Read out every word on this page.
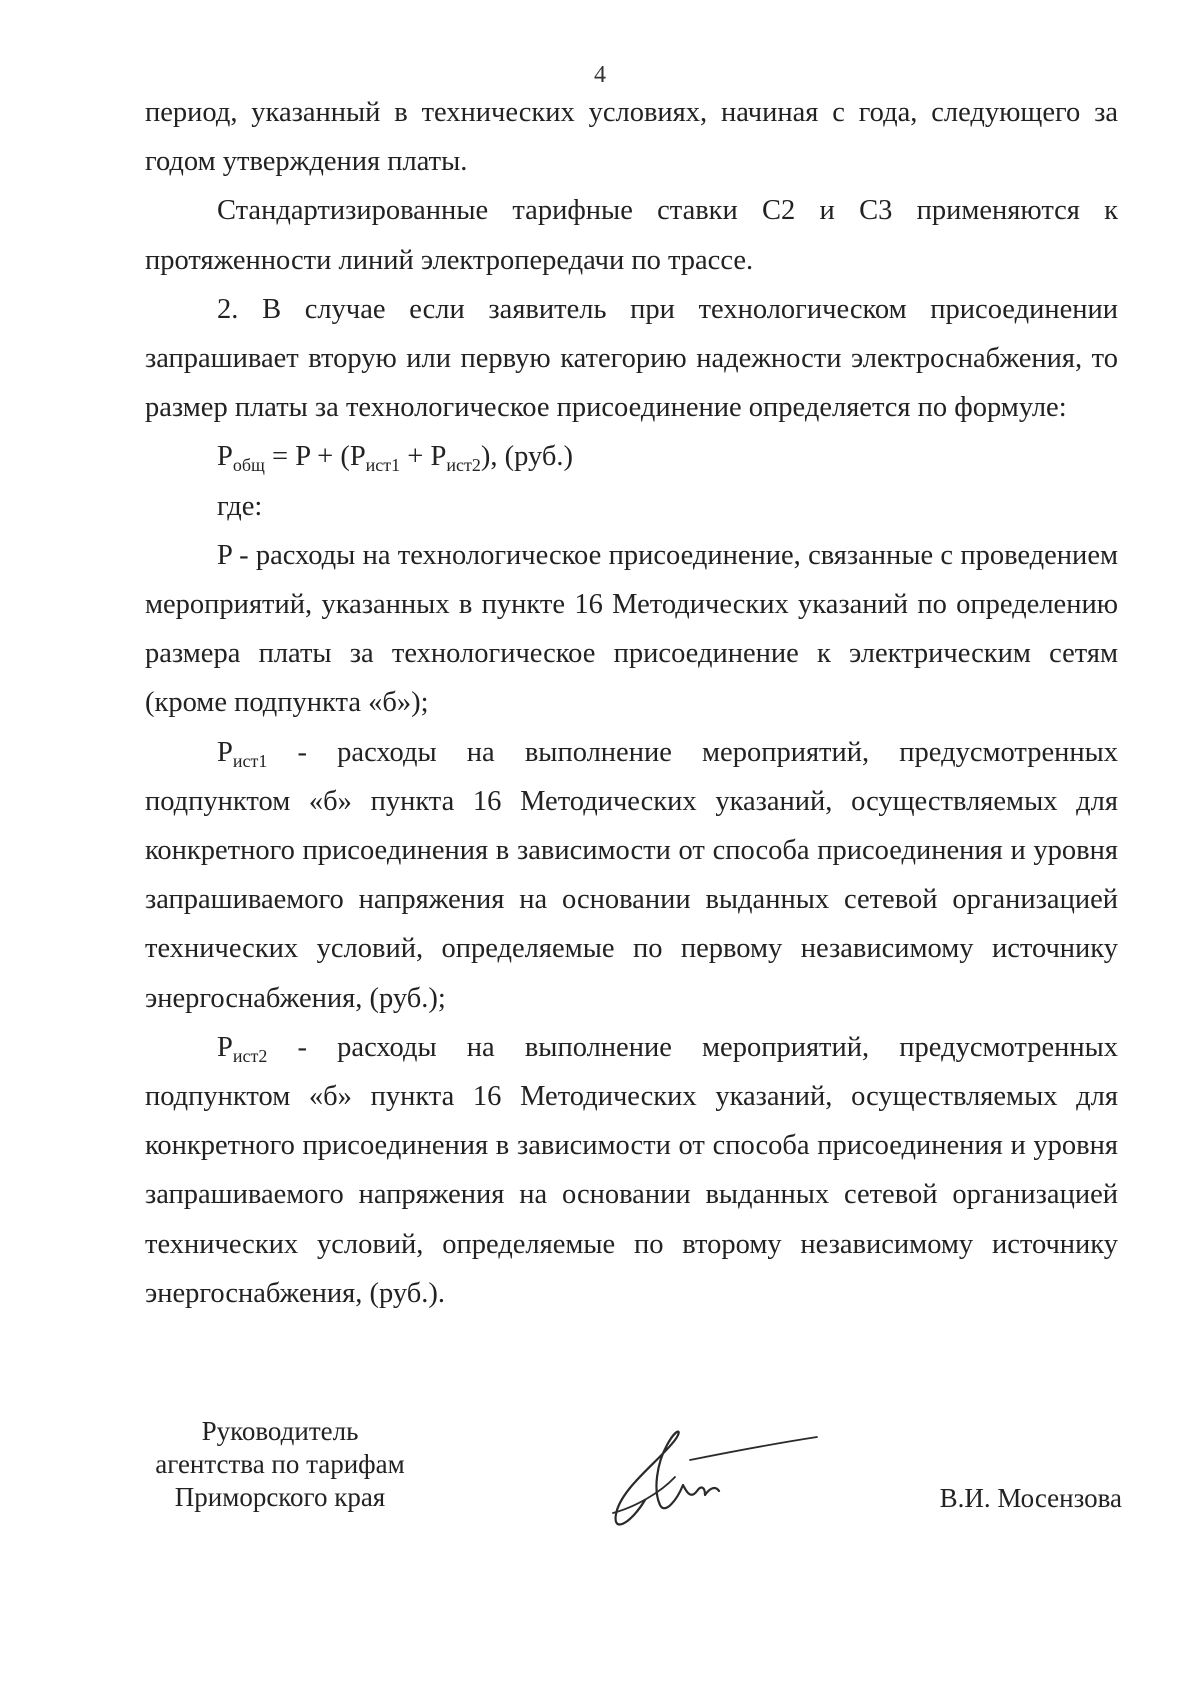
4

период, указанный в технических условиях, начиная с года, следующего за годом утверждения платы.

Стандартизированные тарифные ставки С2 и С3 применяются к протяженности линий электропередачи по трассе.

2. В случае если заявитель при технологическом присоединении запрашивает вторую или первую категорию надежности электроснабжения, то размер платы за технологическое присоединение определяется по формуле:

$P_{общ} = P + (P_{ист1} + P_{ист2})$, (руб.)

где:

P - расходы на технологическое присоединение, связанные с проведением мероприятий, указанных в пункте 16 Методических указаний по определению размера платы за технологическое присоединение к электрическим сетям (кроме подпункта «б»);

$P_{ист1}$ - расходы на выполнение мероприятий, предусмотренных подпунктом «б» пункта 16 Методических указаний, осуществляемых для конкретного присоединения в зависимости от способа присоединения и уровня запрашиваемого напряжения на основании выданных сетевой организацией технических условий, определяемые по первому независимому источнику энергоснабжения, (руб.);

$P_{ист2}$ - расходы на выполнение мероприятий, предусмотренных подпунктом «б» пункта 16 Методических указаний, осуществляемых для конкретного присоединения в зависимости от способа присоединения и уровня запрашиваемого напряжения на основании выданных сетевой организацией технических условий, определяемые по второму независимому источнику энергоснабжения, (руб.).

Руководитель
агентства по тарифам
Приморского края	В.И. Мосензова
